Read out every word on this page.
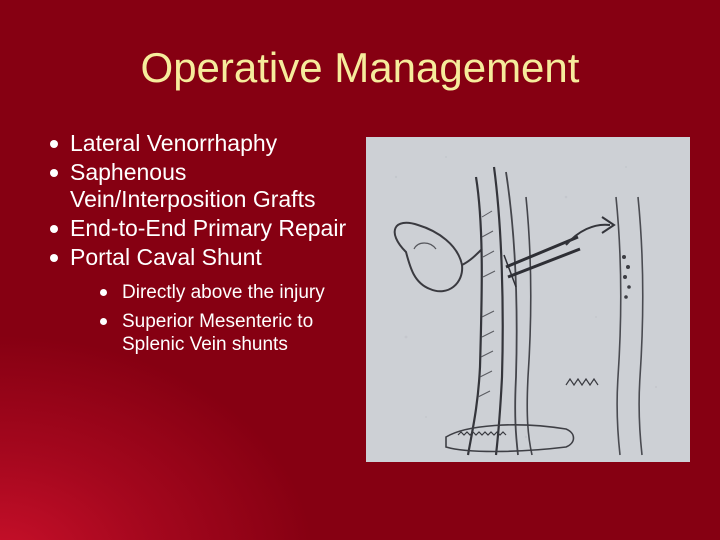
Operative Management
Lateral Venorrhaphy
Saphenous Vein/Interposition Grafts
End-to-End Primary Repair
Portal Caval Shunt
Directly above the injury
Superior Mesenteric to Splenic Vein shunts
